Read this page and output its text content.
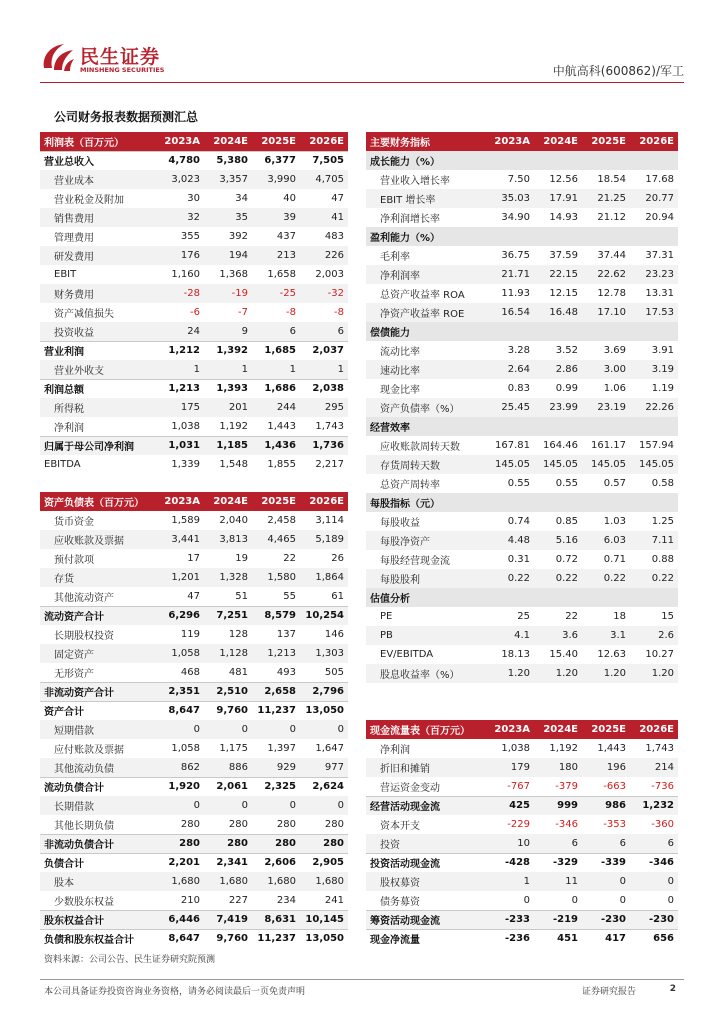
民生证券
MINSHENG SECURITIES	中航高科(600862)/军工
公司财务报表数据预测汇总
利润表（百万元）	2023A	2024E	2025E	2026E
营业总收入	4,780	5,380	6,377	7,505
营业成本	3,023	3,357	3,990	4,705
营业税金及附加	30	34	40	47
销售费用	32	35	39	41
管理费用	355	392	437	483
研发费用	176	194	213	226
EBIT	1,160	1,368	1,658	2,003
财务费用	-28	-19	-25	-32
资产减值损失	-6	-7	-8	-8
投资收益	24	9	6	6
营业利润	1,212	1,392	1,685	2,037
营业外收支	1	1	1	1
利润总额	1,213	1,393	1,686	2,038
所得税	175	201	244	295
净利润	1,038	1,192	1,443	1,743
归属于母公司净利润	1,031	1,185	1,436	1,736
EBITDA	1,339	1,548	1,855	2,217
主要财务指标	2023A	2024E	2025E	2026E
成长能力（%）				
营业收入增长率	7.50	12.56	18.54	17.68
EBIT 增长率	35.03	17.91	21.25	20.77
净利润增长率	34.90	14.93	21.12	20.94
盈利能力（%）				
毛利率	36.75	37.59	37.44	37.31
净利润率	21.71	22.15	22.62	23.23
总资产收益率 ROA	11.93	12.15	12.78	13.31
净资产收益率 ROE	16.54	16.48	17.10	17.53
偿债能力				
流动比率	3.28	3.52	3.69	3.91
速动比率	2.64	2.86	3.00	3.19
现金比率	0.83	0.99	1.06	1.19
资产负债率（%）	25.45	23.99	23.19	22.26
经营效率				
应收账款周转天数	167.81	164.46	161.17	157.94
存货周转天数	145.05	145.05	145.05	145.05
总资产周转率	0.55	0.55	0.57	0.58
每股指标（元）				
每股收益	0.74	0.85	1.03	1.25
每股净资产	4.48	5.16	6.03	7.11
每股经营现金流	0.31	0.72	0.71	0.88
每股股利	0.22	0.22	0.22	0.22
估值分析				
PE	25	22	18	15
PB	4.1	3.6	3.1	2.6
EV/EBITDA	18.13	15.40	12.63	10.27
股息收益率（%）	1.20	1.20	1.20	1.20
资产负债表（百万元）	2023A	2024E	2025E	2026E
货币资金	1,589	2,040	2,458	3,114
应收账款及票据	3,441	3,813	4,465	5,189
预付款项	17	19	22	26
存货	1,201	1,328	1,580	1,864
其他流动资产	47	51	55	61
流动资产合计	6,296	7,251	8,579	10,254
长期股权投资	119	128	137	146
固定资产	1,058	1,128	1,213	1,303
无形资产	468	481	493	505
非流动资产合计	2,351	2,510	2,658	2,796
资产合计	8,647	9,760	11,237	13,050
短期借款	0	0	0	0
应付账款及票据	1,058	1,175	1,397	1,647
其他流动负债	862	886	929	977
流动负债合计	1,920	2,061	2,325	2,624
长期借款	0	0	0	0
其他长期负债	280	280	280	280
非流动负债合计	280	280	280	280
负债合计	2,201	2,341	2,606	2,905
股本	1,680	1,680	1,680	1,680
少数股东权益	210	227	234	241
股东权益合计	6,446	7,419	8,631	10,145
负债和股东权益合计	8,647	9,760	11,237	13,050
现金流量表（百万元）	2023A	2024E	2025E	2026E
净利润	1,038	1,192	1,443	1,743
折旧和摊销	179	180	196	214
营运资金变动	-767	-379	-663	-736
经营活动现金流	425	999	986	1,232
资本开支	-229	-346	-353	-360
投资	10	6	6	6
投资活动现金流	-428	-329	-339	-346
股权募资	1	11	0	0
债务募资	0	0	0	0
筹资活动现金流	-233	-219	-230	-230
现金净流量	-236	451	417	656
资料来源：公司公告、民生证券研究院预测
本公司具备证券投资咨询业务资格，请务必阅读最后一页免责声明	证券研究报告	2
